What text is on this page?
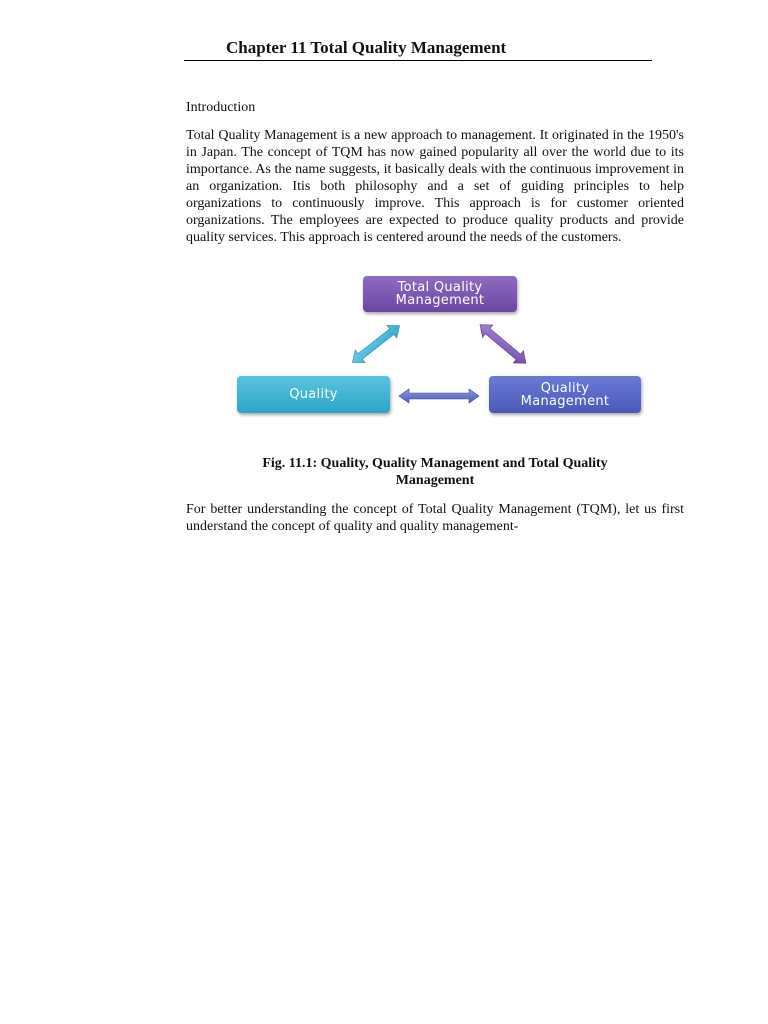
Chapter 11 Total Quality Management

Introduction

Total Quality Management is a new approach to management. It originated in the 1950's in Japan. The concept of TQM has now gained popularity all over the world due to its importance. As the name suggests, it basically deals with the continuous improvement in an organization. Itis both philosophy and a set of guiding principles to help organizations to continuously improve. This approach is for customer oriented organizations. The employees are expected to produce quality products and provide quality services. This approach is centered around the needs of the customers.

Total Quality
Management
Quality	Quality
Management

Fig. 11.1: Quality, Quality Management and Total Quality Management

For better understanding the concept of Total Quality Management (TQM), let us first understand the concept of quality and quality management-
